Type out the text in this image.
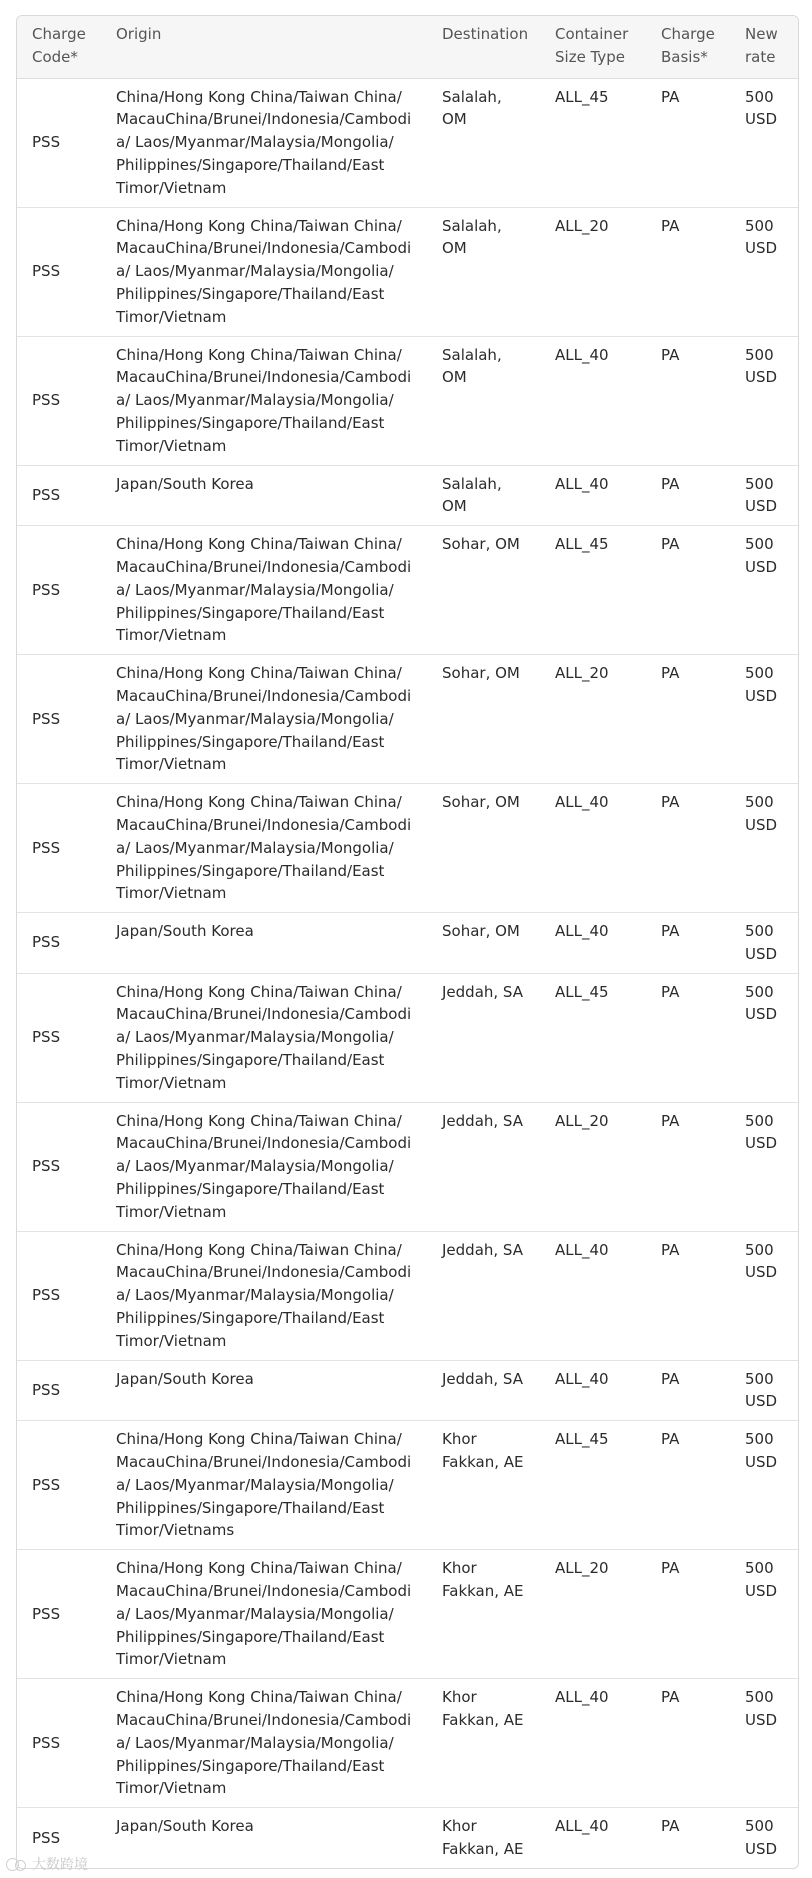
Charge Code*	Origin	Destination	Container Size Type	Charge Basis*	New rate

PSS	China/Hong Kong China/Taiwan China/ MacauChina/Brunei/Indonesia/Cambodia/ Laos/Myanmar/Malaysia/Mongolia/ Philippines/Singapore/Thailand/East Timor/Vietnam	Salalah, OM	ALL_45	PA	500 USD
PSS	China/Hong Kong China/Taiwan China/ MacauChina/Brunei/Indonesia/Cambodia/ Laos/Myanmar/Malaysia/Mongolia/ Philippines/Singapore/Thailand/East Timor/Vietnam	Salalah, OM	ALL_20	PA	500 USD
PSS	China/Hong Kong China/Taiwan China/ MacauChina/Brunei/Indonesia/Cambodia/ Laos/Myanmar/Malaysia/Mongolia/ Philippines/Singapore/Thailand/East Timor/Vietnam	Salalah, OM	ALL_40	PA	500 USD
PSS	Japan/South Korea	Salalah, OM	ALL_40	PA	500 USD
PSS	China/Hong Kong China/Taiwan China/ MacauChina/Brunei/Indonesia/Cambodia/ Laos/Myanmar/Malaysia/Mongolia/ Philippines/Singapore/Thailand/East Timor/Vietnam	Sohar, OM	ALL_45	PA	500 USD
PSS	China/Hong Kong China/Taiwan China/ MacauChina/Brunei/Indonesia/Cambodia/ Laos/Myanmar/Malaysia/Mongolia/ Philippines/Singapore/Thailand/East Timor/Vietnam	Sohar, OM	ALL_20	PA	500 USD
PSS	China/Hong Kong China/Taiwan China/ MacauChina/Brunei/Indonesia/Cambodia/ Laos/Myanmar/Malaysia/Mongolia/ Philippines/Singapore/Thailand/East Timor/Vietnam	Sohar, OM	ALL_40	PA	500 USD
PSS	Japan/South Korea	Sohar, OM	ALL_40	PA	500 USD
PSS	China/Hong Kong China/Taiwan China/ MacauChina/Brunei/Indonesia/Cambodia/ Laos/Myanmar/Malaysia/Mongolia/ Philippines/Singapore/Thailand/East Timor/Vietnam	Jeddah, SA	ALL_45	PA	500 USD
PSS	China/Hong Kong China/Taiwan China/ MacauChina/Brunei/Indonesia/Cambodia/ Laos/Myanmar/Malaysia/Mongolia/ Philippines/Singapore/Thailand/East Timor/Vietnam	Jeddah, SA	ALL_20	PA	500 USD
PSS	China/Hong Kong China/Taiwan China/ MacauChina/Brunei/Indonesia/Cambodia/ Laos/Myanmar/Malaysia/Mongolia/ Philippines/Singapore/Thailand/East Timor/Vietnam	Jeddah, SA	ALL_40	PA	500 USD
PSS	Japan/South Korea	Jeddah, SA	ALL_40	PA	500 USD
PSS	China/Hong Kong China/Taiwan China/ MacauChina/Brunei/Indonesia/Cambodia/ Laos/Myanmar/Malaysia/Mongolia/ Philippines/Singapore/Thailand/East Timor/Vietnams	Khor Fakkan, AE	ALL_45	PA	500 USD
PSS	China/Hong Kong China/Taiwan China/ MacauChina/Brunei/Indonesia/Cambodia/ Laos/Myanmar/Malaysia/Mongolia/ Philippines/Singapore/Thailand/East Timor/Vietnam	Khor Fakkan, AE	ALL_20	PA	500 USD
PSS	China/Hong Kong China/Taiwan China/ MacauChina/Brunei/Indonesia/Cambodia/ Laos/Myanmar/Malaysia/Mongolia/ Philippines/Singapore/Thailand/East Timor/Vietnam	Khor Fakkan, AE	ALL_40	PA	500 USD
PSS	Japan/South Korea	Khor Fakkan, AE	ALL_40	PA	500 USD
大数跨境
